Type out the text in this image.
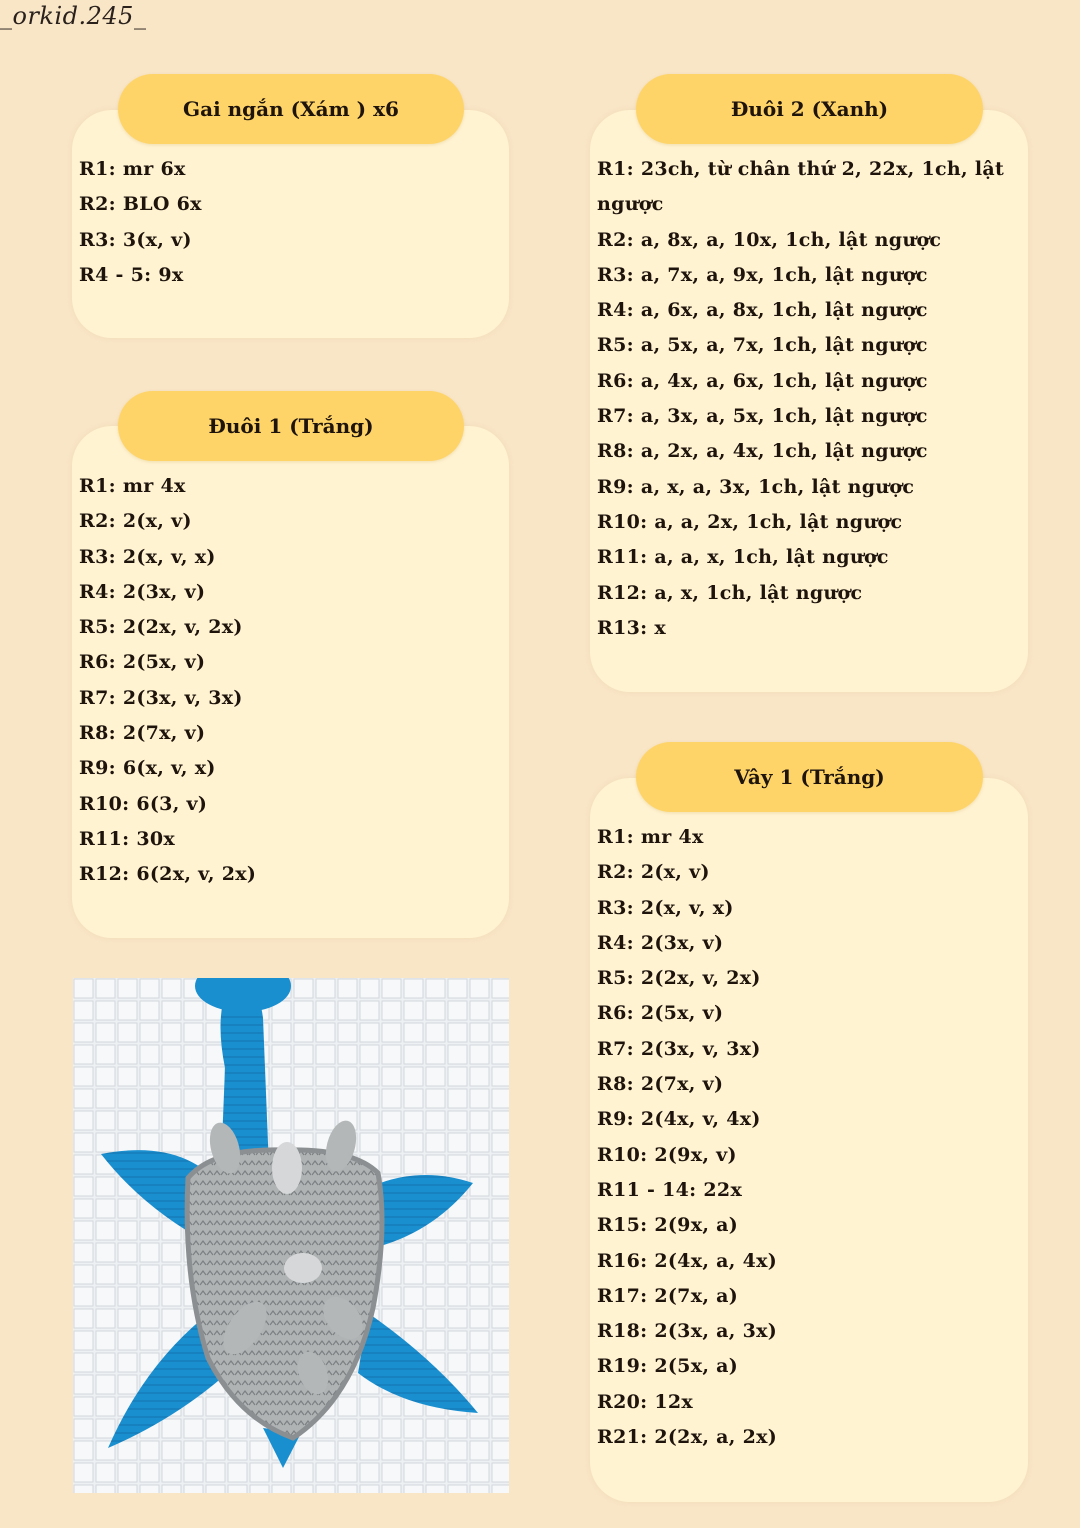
_orkid.245_
Gai ngắn (Xám ) x6
R1: mr 6x
R2: BLO 6x
R3: 3(x, v)
R4 - 5: 9x
Đuôi 1 (Trắng)
R1: mr 4x
R2: 2(x, v)
R3: 2(x, v, x)
R4: 2(3x, v)
R5: 2(2x, v, 2x)
R6: 2(5x, v)
R7: 2(3x, v, 3x)
R8: 2(7x, v)
R9: 6(x, v, x)
R10: 6(3, v)
R11: 30x
R12: 6(2x, v, 2x)
Đuôi 2 (Xanh)
R1: 23ch, từ chân thứ 2, 22x, 1ch, lật ngược
R2: a, 8x, a, 10x, 1ch, lật ngược
R3: a, 7x, a, 9x, 1ch, lật ngược
R4: a, 6x, a, 8x, 1ch, lật ngược
R5: a, 5x, a, 7x, 1ch, lật ngược
R6: a, 4x, a, 6x, 1ch, lật ngược
R7: a, 3x, a, 5x, 1ch, lật ngược
R8: a, 2x, a, 4x, 1ch, lật ngược
R9: a, x, a, 3x, 1ch, lật ngược
R10: a, a, 2x, 1ch, lật ngược
R11: a, a, x, 1ch, lật ngược
R12: a, x, 1ch, lật ngược
R13: x
Vây 1 (Trắng)
R1: mr 4x
R2: 2(x, v)
R3: 2(x, v, x)
R4: 2(3x, v)
R5: 2(2x, v, 2x)
R6: 2(5x, v)
R7: 2(3x, v, 3x)
R8: 2(7x, v)
R9: 2(4x, v, 4x)
R10: 2(9x, v)
R11 - 14: 22x
R15: 2(9x, a)
R16: 2(4x, a, 4x)
R17: 2(7x, a)
R18: 2(3x, a, 3x)
R19: 2(5x, a)
R20: 12x
R21: 2(2x, a, 2x)
